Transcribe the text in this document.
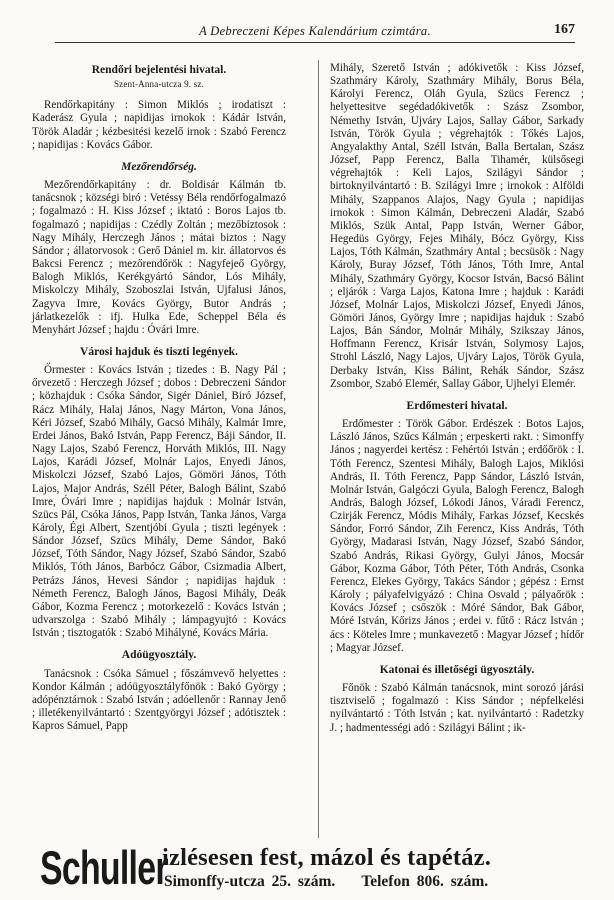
A Debreczeni Képes Kalendárium czimtára.	167
Rendőri bejelentési hivatal.
Szent-Anna-utcza 9. sz.

Rendőrkapitány : Simon Miklós ; irodatiszt : Kaderász Gyula ; napidijas irnokok : Kádár István, Török Aladár ; kézbesitési kezelő irnok : Szabó Ferencz ; napidijas : Kovács Gábor.

Mezőrendőrség.

Mezőrendőrkapitány : dr. Boldisár Kálmán tb. tanácsnok ; községi biró : Vetéssy Béla rendőrfogalmazó ; fogalmazó : H. Kiss József ; iktató : Boros Lajos tb. fogalmazó ; napidijas : Czédly Zoltán ; mezőbiztosok : Nagy Mihály, Herczegh János ; mátai biztos : Nagy Sándor ; állatorvosok : Gerő Dániel m. kir. állatorvos és Bakcsi Ferencz ; mezőrendőrök : Nagyfejeő György, Balogh Miklós, Kerékgyártó Sándor, Lós Mihály, Miskolczy Mihály, Szoboszlai István, Ujfalusi János, Zagyva Imre, Kovács György, Butor András ; járlatkezelők : ifj. Hulka Ede, Scheppel Béla és Menyhárt József ; hajdu : Óvári Imre.

Városi hajduk és tiszti legények.

Őrmester : Kovács István ; tizedes : B. Nagy Pál ; őrvezető : Herczegh József ; dobos : Debreczeni Sándor ; közhajduk : Csóka Sándor, Sigér Dániel, Biró József, Rácz Mihály, Halaj János, Nagy Márton, Vona János, Kéri József, Szabó Mihály, Gacsó Mihály, Kalmár Imre, Erdei János, Bakó István, Papp Ferencz, Báji Sándor, II. Nagy Lajos, Szabó Ferencz, Horváth Miklós, III. Nagy Lajos, Karádi József, Molnár Lajos, Enyedi János, Miskolczi József, Szabó Lajos, Gömöri János, Tóth Lajos, Major András, Széll Péter, Balogh Bálint, Szabó Imre, Óvári Imre ; napidijas hajduk : Molnár István, Szücs Pál, Csóka János, Papp István, Tanka János, Varga Károly, Égi Albert, Szentjóbi Gyula ; tiszti legények : Sándor József, Szücs Mihály, Deme Sándor, Bakó József, Tóth Sándor, Nagy József, Szabó Sándor, Szabó Miklós, Tóth János, Barbócz Gábor, Csizmadia Albert, Petrázs János, Hevesi Sándor ; napidijas hajduk : Németh Ferencz, Balogh János, Bagosi Mihály, Deák Gábor, Kozma Ferencz ; motorkezelő : Kovács István ; udvarszolga : Szabó Mihály ; lámpagyujtó : Kovács István ; tisztogatók : Szabó Mihályné, Kovács Mária.

Adóügyosztály.

Tanácsnok : Csóka Sámuel ; főszámvevő helyettes : Kondor Kálmán ; adóügyosztályfőnök : Bakó György ; adópénztárnok : Szabó István ; adóellenőr : Rannay Jenő ; illetékenyilvántartó : Szentgyörgyi József ; adótisztek : Kapros Sámuel, Papp

Mihály, Szerető István ; adókivetők : Kiss József, Szathmáry Károly, Szathmáry Mihály, Borus Béla, Károlyi Ferencz, Oláh Gyula, Szücs Ferencz ; helyettesitve segédadókivetők : Szász Zsombor, Némethy István, Ujváry Lajos, Sallay Gábor, Sarkady István, Török Gyula ; végrehajtók : Tőkés Lajos, Angyalakthy Antal, Széll István, Balla Bertalan, Szász József, Papp Ferencz, Balla Tihamér, külsősegi végrehajtók : Keli Lajos, Szilágyi Sándor ; birtoknyilvántartó : B. Szilágyi Imre ; irnokok : Alföldi Mihály, Szappanos Alajos, Nagy Gyula ; napidijas irnokok : Simon Kálmán, Debreczeni Aladár, Szabó Miklós, Szük Antal, Papp István, Werner Gábor, Hegedüs György, Fejes Mihály, Bócz György, Kiss Lajos, Tóth Kálmán, Szathmáry Antal ; becsüsök : Nagy Károly, Buray József, Tóth János, Tóth Imre, Antal Mihály, Szathmáry György, Kocsor István, Bacsó Bálint ; eljárók : Varga Lajos, Katona Imre ; hajduk : Karádi József, Molnár Lajos, Miskolczi József, Enyedi János, Gömöri János, György Imre ; napidijas hajduk : Szabó Lajos, Bán Sándor, Molnár Mihály, Szikszay János, Hoffmann Ferencz, Krisár István, Solymosy Lajos, Strohl László, Nagy Lajos, Ujváry Lajos, Török Gyula, Derbaky István, Kiss Bálint, Rehák Sándor, Szász Zsombor, Szabó Elemér, Sallay Gábor, Ujhelyi Elemér.

Erdőmesteri hivatal.

Erdőmester : Török Gábor. Erdészek : Botos Lajos, László János, Szűcs Kálmán ; erpeskerti rakt. : Simonffy János ; nagyerdei kertész : Fehértói István ; erdőőrök : I. Tóth Ferencz, Szentesi Mihály, Balogh Lajos, Miklósi András, II. Tóth Ferencz, Papp Sándor, László István, Molnár István, Galgóczi Gyula, Balogh Ferencz, Balogh András, Balogh József, Lókodi János, Váradi Ferencz, Czirják Ferencz, Módis Mihály, Farkas József, Kecskés Sándor, Forró Sándor, Zih Ferencz, Kiss András, Tóth György, Madarasi István, Nagy József, Szabó Sándor, Szabó András, Rikasi György, Gulyi János, Mocsár Gábor, Kozma Gábor, Tóth Péter, Tóth András, Csonka Ferencz, Elekes György, Takács Sándor ; gépész : Ernst Károly ; pályafelvigyázó : China Osvald ; pályaőrök : Kovács József ; csőszök : Móré Sándor, Bak Gábor, Móré István, Kőrizs János ; erdei v. fűtő : Rácz István ; ács : Köteles Imre ; munkavezető : Magyar József ; hídőr ; Magyar József.

Katonai és illetőségi ügyosztály.

Főnök : Szabó Kálmán tanácsnok, mint sorozó járási tisztviselő ; fogalmazó : Kiss Sándor ; népfelkelési nyilvántartó : Tóth István ; kat. nyilvántartó : Radetzky J. ; hadmentességi adó : Szilágyi Bálint ; ik-

Schuller
izlésesen fest, mázol és tapétáz.
Simonffy-utcza 25. szám. Telefon 806. szám.
